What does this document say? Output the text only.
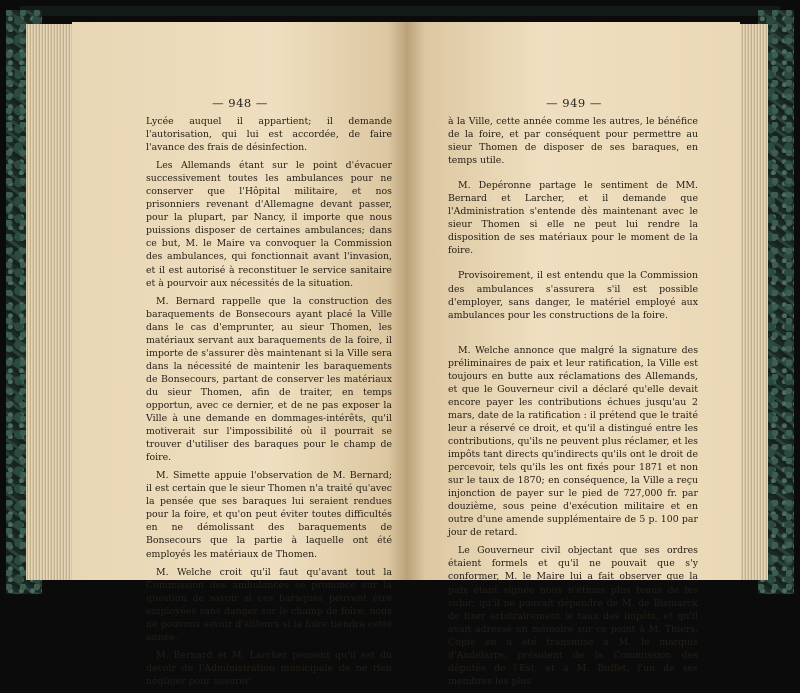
— 948 —

Lycée auquel il appartient; il demande l'autorisation, qui lui est accordée, de faire l'avance des frais de désinfection.

Les Allemands étant sur le point d'évacuer successivement toutes les ambulances pour ne conserver que l'Hôpital militaire, et nos prisonniers revenant d'Allemagne devant passer, pour la plupart, par Nancy, il importe que nous puissions disposer de certaines ambulances; dans ce but, M. le Maire va convoquer la Commission des ambulances, qui fonctionnait avant l'invasion, et il est autorisé à reconstituer le service sanitaire et à pourvoir aux nécessités de la situation.

M. Bernard rappelle que la construction des baraquements de Bonsecours ayant placé la Ville dans le cas d'emprunter, au sieur Thomen, les matériaux servant aux baraquements de la foire, il importe de s'assurer dès maintenant si la Ville sera dans la nécessité de maintenir les baraquements de Bonsecours, partant de conserver les matériaux du sieur Thomen, afin de traiter, en temps opportun, avec ce dernier, et de ne pas exposer la Ville à une demande en dommages-intérêts, qu'il motiverait sur l'impossibilité où il pourrait se trouver d'utiliser des baraques pour le champ de foire.

M. Simette appuie l'observation de M. Bernard; il est certain que le sieur Thomen n'a traité qu'avec la pensée que ses baraques lui seraient rendues pour la foire, et qu'on peut éviter toutes difficultés en ne démolissant des baraquements de Bonsecours que la partie à laquelle ont été employés les matériaux de Thomen.

M. Welche croit qu'il faut qu'avant tout la Commission des ambulances se prononce sur la question de savoir si ces baraques peuvent être employées sans danger sur le champ de foire; nous ne pouvons savoir d'ailleurs si la foire tiendra cette année.

M. Bernard et M. Larcher pensent qu'il est du devoir de l'Administration municipale de ne rien négliger pour assurer

— 949 —

à la Ville, cette année comme les autres, le bénéfice de la foire, et par conséquent pour permettre au sieur Thomen de disposer de ses baraques, en temps utile.

M. Depéronne partage le sentiment de MM. Bernard et Larcher, et il demande que l'Administration s'entende dès maintenant avec le sieur Thomen si elle ne peut lui rendre la disposition de ses matériaux pour le moment de la foire.

Provisoirement, il est entendu que la Commission des ambulances s'assurera s'il est possible d'employer, sans danger, le matériel employé aux ambulances pour les constructions de la foire.

M. Welche annonce que malgré la signature des préliminaires de paix et leur ratification, la Ville est toujours en butte aux réclamations des Allemands, et que le Gouverneur civil a déclaré qu'elle devait encore payer les contributions échues jusqu'au 2 mars, date de la ratification : il prétend que le traité leur a réservé ce droit, et qu'il a distingué entre les contributions, qu'ils ne peuvent plus réclamer, et les impôts tant directs qu'indirects qu'ils ont le droit de percevoir, tels qu'ils les ont fixés pour 1871 et non sur le taux de 1870; en conséquence, la Ville a reçu injonction de payer sur le pied de 727,000 fr. par douzième, sous peine d'exécution militaire et en outre d'une amende supplémentaire de 5 p. 100 par jour de retard.

Le Gouverneur civil objectant que ses ordres étaient formels et qu'il ne pouvait que s'y conformer, M. le Maire lui a fait observer que la paix étant signée nous n'étions plus tenus de les subir; qu'il ne pouvait dépendre de M. de Bismarck de fixer arbitrairement le taux des impôts, et qu'il avait adressé un mémoire sur ce point à M. Thiers. Copie en a été transmise à M. le marquis d'Andelarre, président de la Commission des députés de l'Est, et à M. Buffet, l'un de ses membres les plus
